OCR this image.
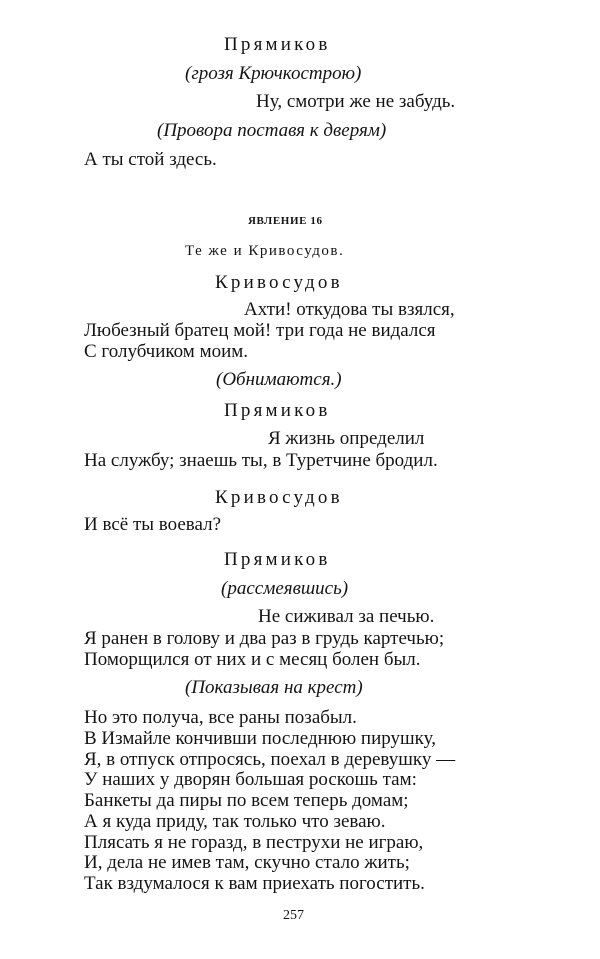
Прямиков
(грозя Крючкострою)
Ну, смотри же не забудь.
(Провора поставя к дверям)
А ты стой здесь.
ЯВЛЕНИЕ 16
Те же и Кривосудов.
Кривосудов
Ахти! откудова ты взялся,
Любезный братец мой! три года не видался
С голубчиком моим.
(Обнимаются.)
Прямиков
Я жизнь определил
На службу; знаешь ты, в Туретчине бродил.
Кривосудов
И всё ты воевал?
Прямиков
(рассмеявшись)
Не сиживал за печью.
Я ранен в голову и два раз в грудь картечью;
Поморщился от них и с месяц болен был.
(Показывая на крест)
Но это получа, все раны позабыл.
В Измайле кончивши последнюю пирушку,
Я, в отпуск отпросясь, поехал в деревушку —
У наших у дворян большая роскошь там:
Банкеты да пиры по всем теперь домам;
А я куда приду, так только что зеваю.
Плясать я не горазд, в пеструхи не играю,
И, дела не имев там, скучно стало жить;
Так вздумалося к вам приехать погостить.
257
